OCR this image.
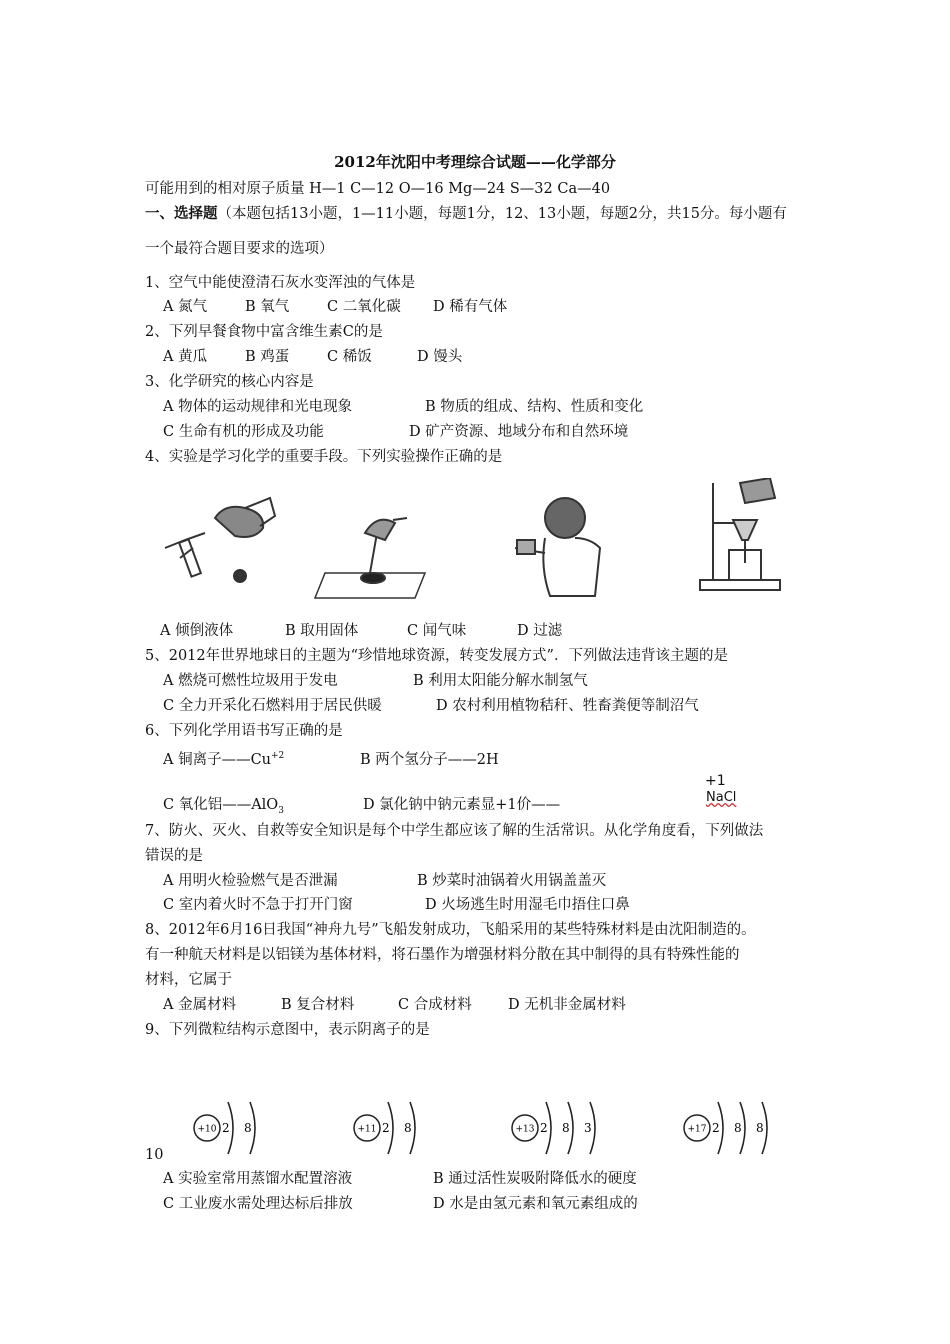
2012年沈阳中考理综合试题——化学部分
可能用到的相对原子质量 H—1 C—12 O—16 Mg—24 S—32 Ca—40
一、选择题（本题包括13小题，1—11小题，每题1分，12、13小题，每题2分，共15分。每小题有
一个最符合题目要求的选项）
1、空气中能使澄清石灰水变浑浊的气体是
A 氮气	B 氧气	C 二氧化碳 D 稀有气体
2、下列早餐食物中富含维生素C的是
A 黄瓜	B 鸡蛋	C 稀饭	D 馒头
3、化学研究的核心内容是
A 物体的运动规律和光电现象	B 物质的组成、结构、性质和变化
C 生命有机的形成及功能	D 矿产资源、地域分布和自然环境
4、实验是学习化学的重要手段。下列实验操作正确的是
A 倾倒液体	B 取用固体	C 闻气味	D 过滤
5、2012年世界地球日的主题为“珍惜地球资源，转变发展方式”．下列做法违背该主题的是
A 燃烧可燃性垃圾用于发电	B 利用太阳能分解水制氢气
C 全力开采化石燃料用于居民供暖	D 农村利用植物秸秆、牲畜粪便等制沼气
6、下列化学用语书写正确的是
A 铜离子$——Cu^{+2}$	B 两个氢分子——2H
+1
NaCl
C 氧化铝——AlO$_3$	D 氯化钠中钠元素显+1价——
7、防火、灭火、自救等安全知识是每个中学生都应该了解的生活常识。从化学角度看，下列做法
错误的是
A 用明火检验燃气是否泄漏	B 炒菜时油锅着火用锅盖盖灭
C 室内着火时不急于打开门窗	D 火场逃生时用湿毛巾捂住口鼻
8、2012年6月16日我国“神舟九号”飞船发射成功，飞船采用的某些特殊材料是由沈阳制造的。
有一种航天材料是以铝镁为基体材料，将石墨作为增强材料分散在其中制得的具有特殊性能的
材料，它属于
A 金属材料	B 复合材料	C 合成材料	D 无机非金属材料
9、下列微粒结构示意图中，表示阴离子的是
+10 2 8	+11 2 8	+13 2 8 3	+17 2 8 8
10
A 实验室常用蒸馏水配置溶液	B 通过活性炭吸附降低水的硬度
C 工业废水需处理达标后排放	D 水是由氢元素和氧元素组成的
